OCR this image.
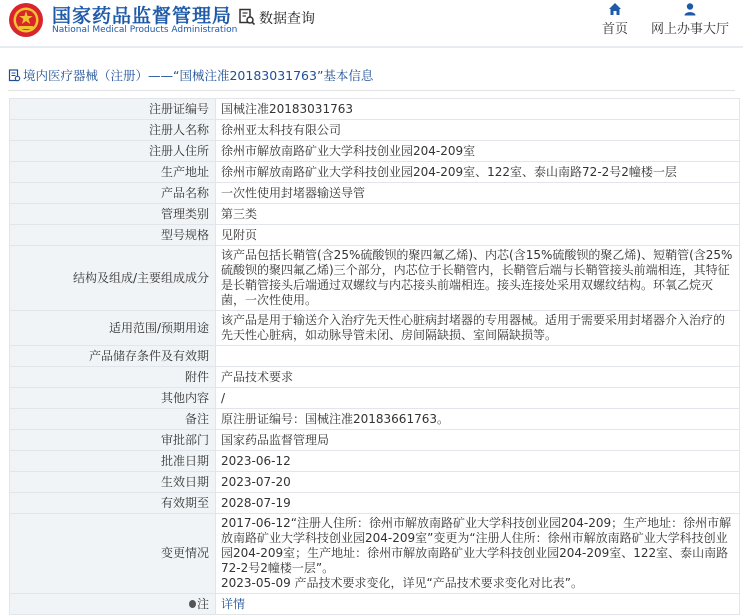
国家药品监督管理局
National Medical Products Administration
数据查询
首页	网上办事大厅
境内医疗器械（注册）——“国械注准20183031763”基本信息
注册证编号	国械注准20183031763
注册人名称	徐州亚太科技有限公司
注册人住所	徐州市解放南路矿业大学科技创业园204-209室
生产地址	徐州市解放南路矿业大学科技创业园204-209室、122室、泰山南路72-2号2幢楼一层
产品名称	一次性使用封堵器输送导管
管理类别	第三类
型号规格	见附页
结构及组成/主要组成成分	该产品包括长鞘管(含25%硫酸钡的聚四氟乙烯)、内芯(含15%硫酸钡的聚乙烯)、短鞘管(含25%硫酸钡的聚四氟乙烯)三个部分，内芯位于长鞘管内，长鞘管后端与长鞘管接头前端相连，其特征是长鞘管接头后端通过双螺纹与内芯接头前端相连。接头连接处采用双螺纹结构。环氧乙烷灭菌，一次性使用。
适用范围/预期用途	该产品是用于输送介入治疗先天性心脏病封堵器的专用器械。适用于需要采用封堵器介入治疗的先天性心脏病，如动脉导管未闭、房间隔缺损、室间隔缺损等。
产品储存条件及有效期	
附件	产品技术要求
其他内容	/
备注	原注册证编号：国械注准20183661763。
审批部门	国家药品监督管理局
批准日期	2023-06-12
生效日期	2023-07-20
有效期至	2028-07-19
变更情况	2017-06-12“注册人住所：徐州市解放南路矿业大学科技创业园204-209；生产地址：徐州市解放南路矿业大学科技创业园204-209室”变更为“注册人住所：徐州市解放南路矿业大学科技创业园204-209室；生产地址：徐州市解放南路矿业大学科技创业园204-209室、122室、泰山南路72-2号2幢楼一层”。
2023-05-09 产品技术要求变化，详见“产品技术要求变化对比表”。

注	详情
